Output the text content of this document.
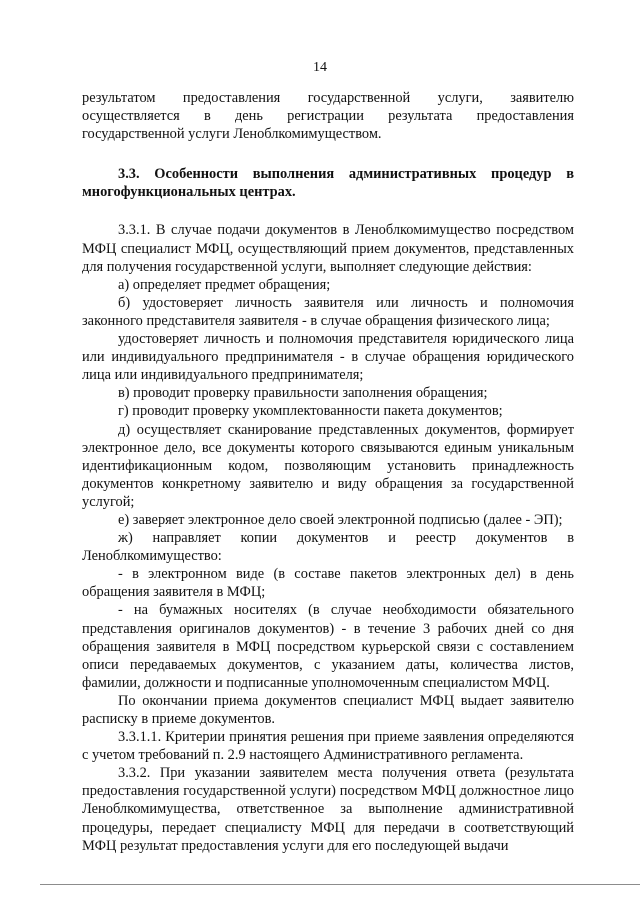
14

результатом предоставления государственной услуги, заявителю осуществляется в день регистрации результата предоставления государственной услуги Леноблкомимуществом.

3.3. Особенности выполнения административных процедур в многофункциональных центрах.

3.3.1. В случае подачи документов в Леноблкомимущество посредством МФЦ специалист МФЦ, осуществляющий прием документов, представленных для получения государственной услуги, выполняет следующие действия:

а) определяет предмет обращения;

б) удостоверяет личность заявителя или личность и полномочия законного представителя заявителя - в случае обращения физического лица;

удостоверяет личность и полномочия представителя юридического лица или индивидуального предпринимателя - в случае обращения юридического лица или индивидуального предпринимателя;

в) проводит проверку правильности заполнения обращения;

г) проводит проверку укомплектованности пакета документов;

д) осуществляет сканирование представленных документов, формирует электронное дело, все документы которого связываются единым уникальным идентификационным кодом, позволяющим установить принадлежность документов конкретному заявителю и виду обращения за государственной услугой;

е) заверяет электронное дело своей электронной подписью (далее - ЭП);

ж) направляет копии документов и реестр документов в Леноблкомимущество:

- в электронном виде (в составе пакетов электронных дел) в день обращения заявителя в МФЦ;

- на бумажных носителях (в случае необходимости обязательного представления оригиналов документов) - в течение 3 рабочих дней со дня обращения заявителя в МФЦ посредством курьерской связи с составлением описи передаваемых документов, с указанием даты, количества листов, фамилии, должности и подписанные уполномоченным специалистом МФЦ.

По окончании приема документов специалист МФЦ выдает заявителю расписку в приеме документов.

3.3.1.1. Критерии принятия решения при приеме заявления определяются с учетом требований п. 2.9 настоящего Административного регламента.

3.3.2. При указании заявителем места получения ответа (результата предоставления государственной услуги) посредством МФЦ должностное лицо Леноблкомимущества, ответственное за выполнение административной процедуры, передает специалисту МФЦ для передачи в соответствующий МФЦ результат предоставления услуги для его последующей выдачи
